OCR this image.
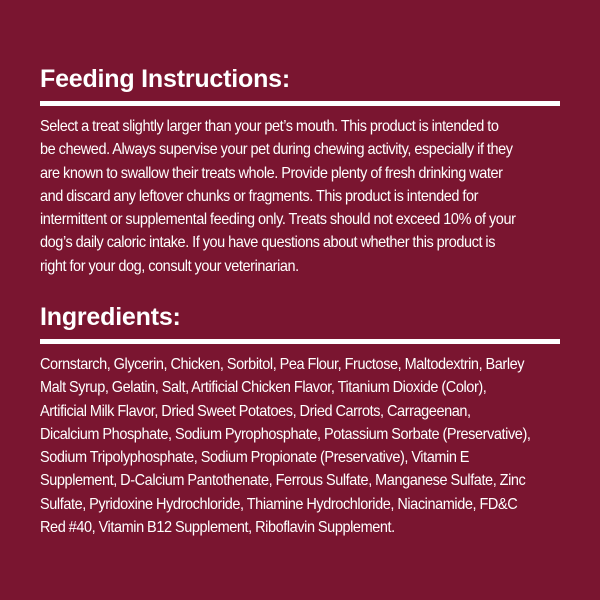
Feeding Instructions:

Select a treat slightly larger than your pet’s mouth. This product is intended to
be chewed. Always supervise your pet during chewing activity, especially if they
are known to swallow their treats whole. Provide plenty of fresh drinking water
and discard any leftover chunks or fragments. This product is intended for
intermittent or supplemental feeding only. Treats should not exceed 10% of your
dog’s daily caloric intake. If you have questions about whether this product is
right for your dog, consult your veterinarian.

Ingredients:

Cornstarch, Glycerin, Chicken, Sorbitol, Pea Flour, Fructose, Maltodextrin, Barley
Malt Syrup, Gelatin, Salt, Artificial Chicken Flavor, Titanium Dioxide (Color),
Artificial Milk Flavor, Dried Sweet Potatoes, Dried Carrots, Carrageenan,
Dicalcium Phosphate, Sodium Pyrophosphate, Potassium Sorbate (Preservative),
Sodium Tripolyphosphate, Sodium Propionate (Preservative), Vitamin E
Supplement, D-Calcium Pantothenate, Ferrous Sulfate, Manganese Sulfate, Zinc
Sulfate, Pyridoxine Hydrochloride, Thiamine Hydrochloride, Niacinamide, FD&C
Red #40, Vitamin B12 Supplement, Riboflavin Supplement.
